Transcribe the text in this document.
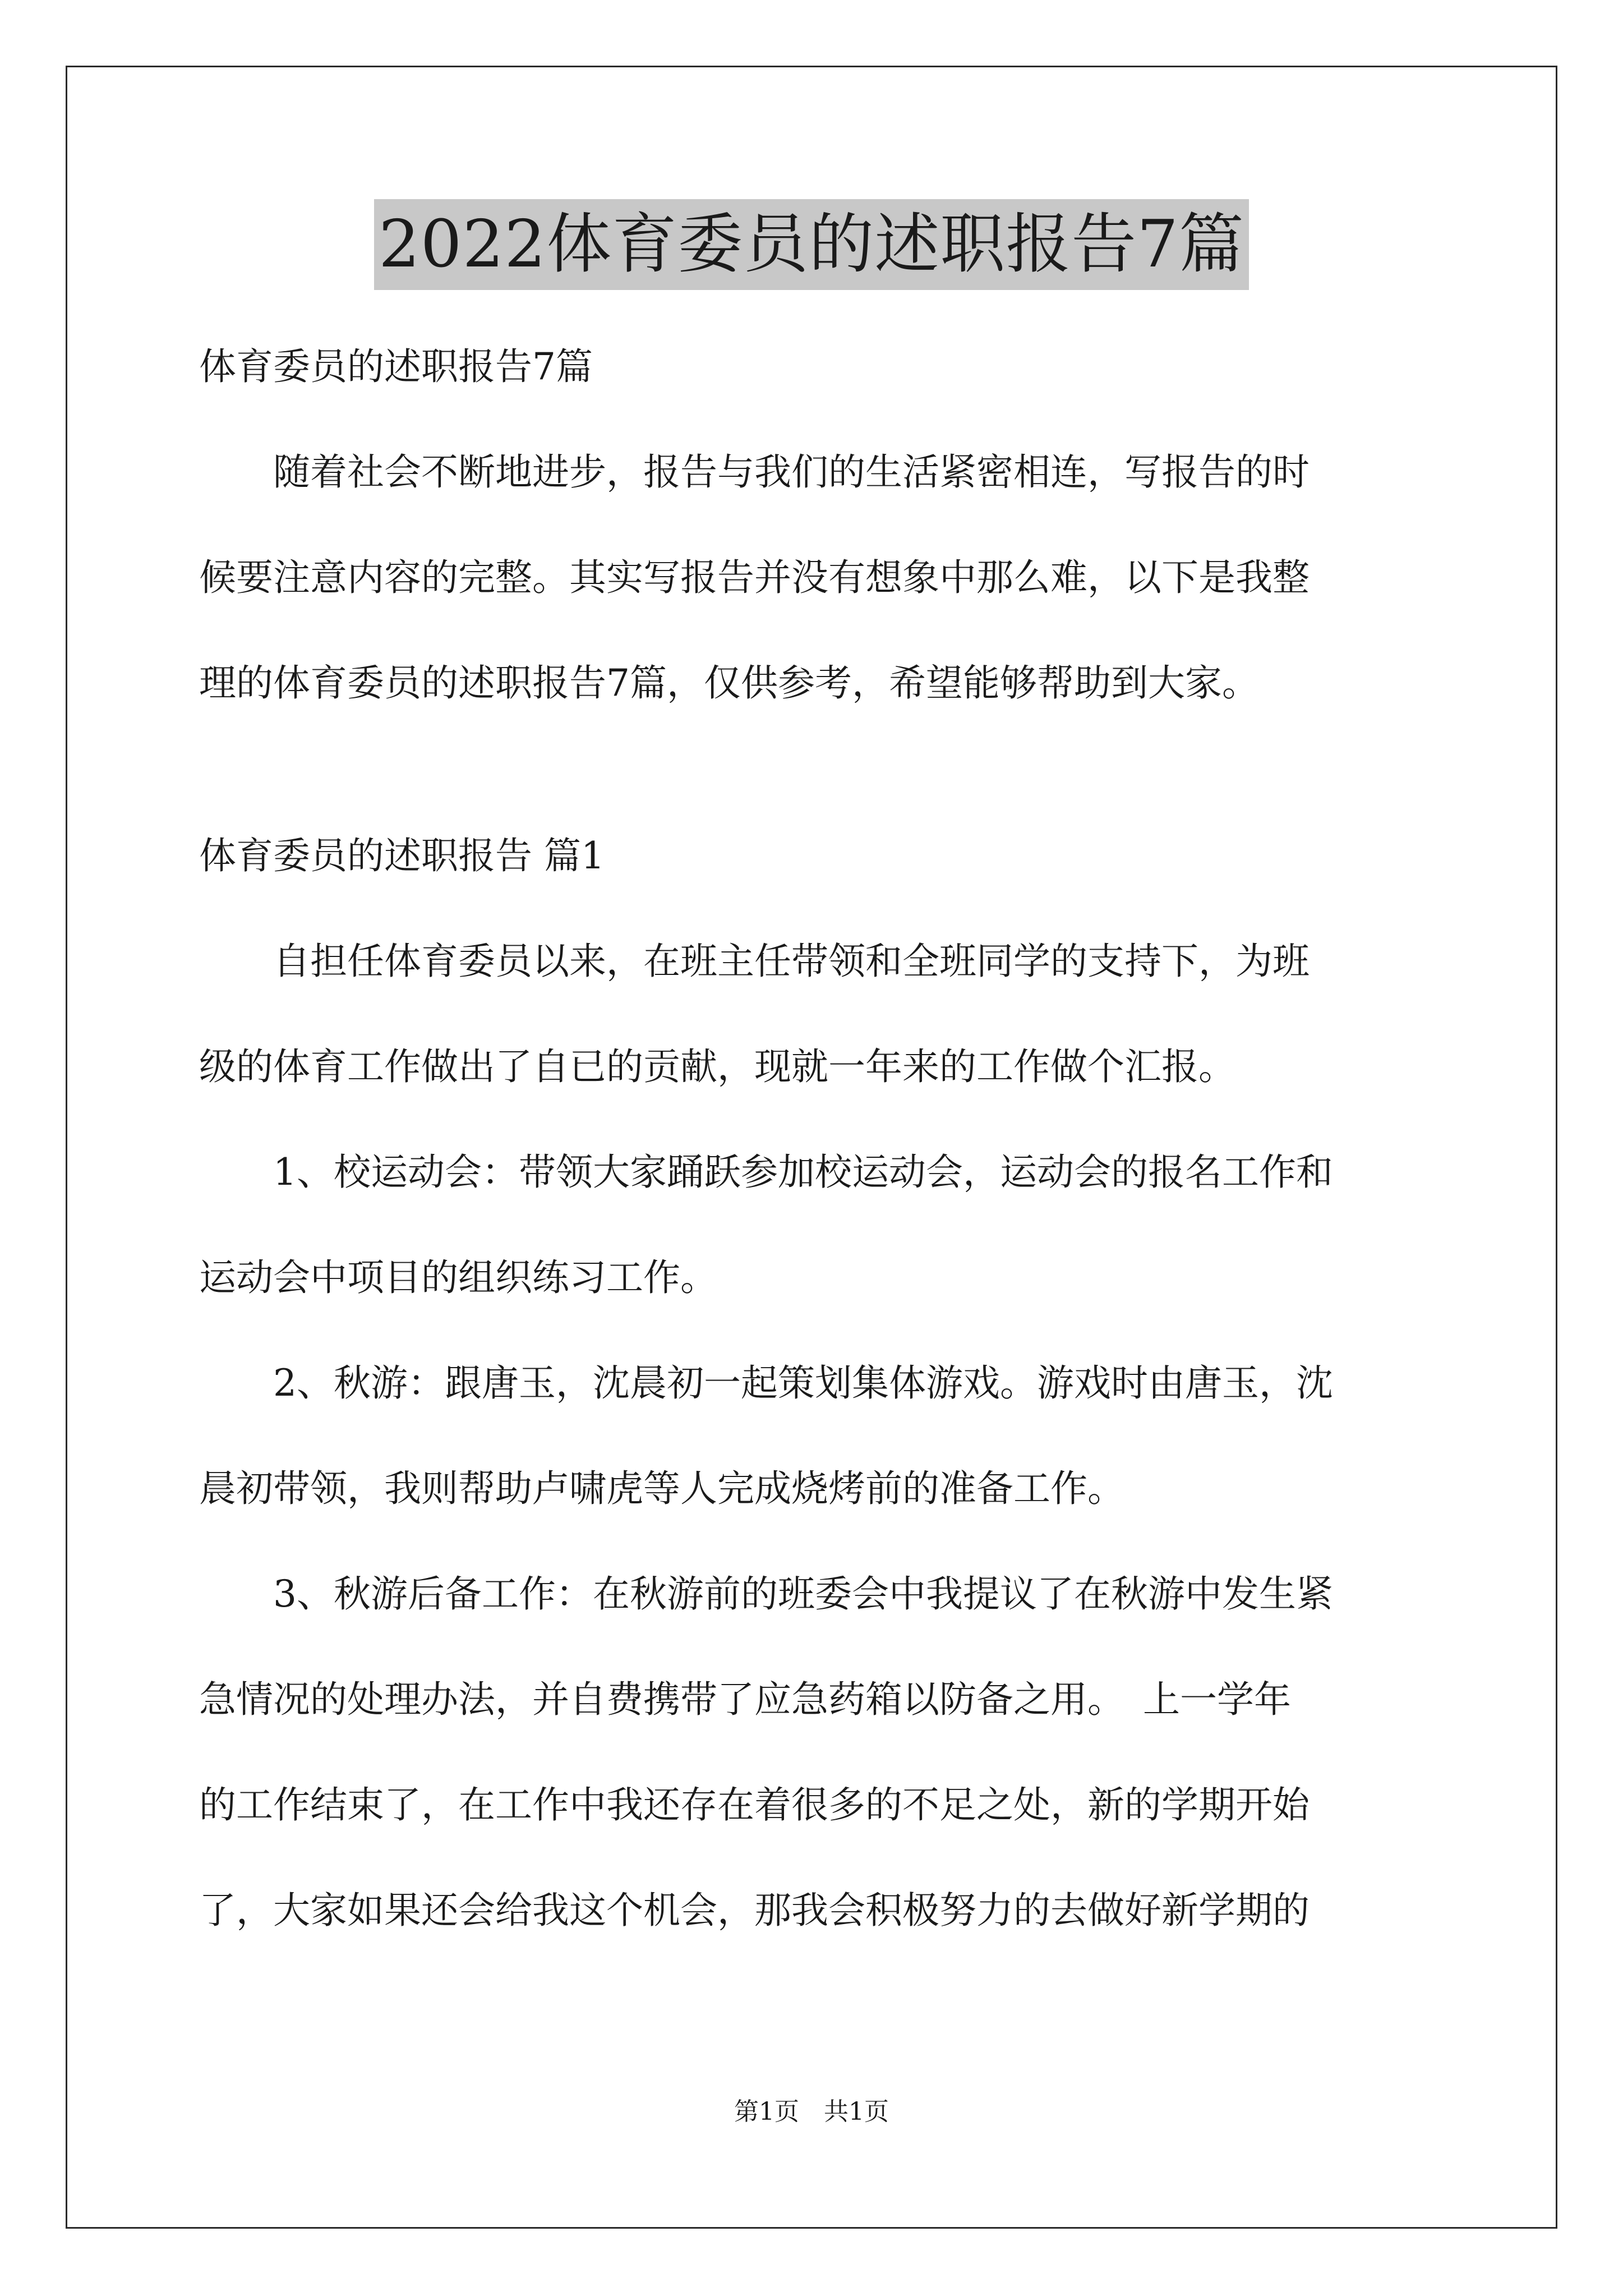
2022体育委员的述职报告7篇
体育委员的述职报告7篇
随着社会不断地进步，报告与我们的生活紧密相连，写报告的时
候要注意内容的完整。其实写报告并没有想象中那么难，以下是我整
理的体育委员的述职报告7篇，仅供参考，希望能够帮助到大家。
体育委员的述职报告 篇1
自担任体育委员以来，在班主任带领和全班同学的支持下，为班
级的体育工作做出了自已的贡献，现就一年来的工作做个汇报。
1、校运动会：带领大家踊跃参加校运动会，运动会的报名工作和
运动会中项目的组织练习工作。
2、秋游：跟唐玉，沈晨初一起策划集体游戏。游戏时由唐玉，沈
晨初带领，我则帮助卢啸虎等人完成烧烤前的准备工作。
3、秋游后备工作：在秋游前的班委会中我提议了在秋游中发生紧
急情况的处理办法，并自费携带了应急药箱以防备之用。　上一学年
的工作结束了，在工作中我还存在着很多的不足之处，新的学期开始
了，大家如果还会给我这个机会，那我会积极努力的去做好新学期的
第1页　共1页
